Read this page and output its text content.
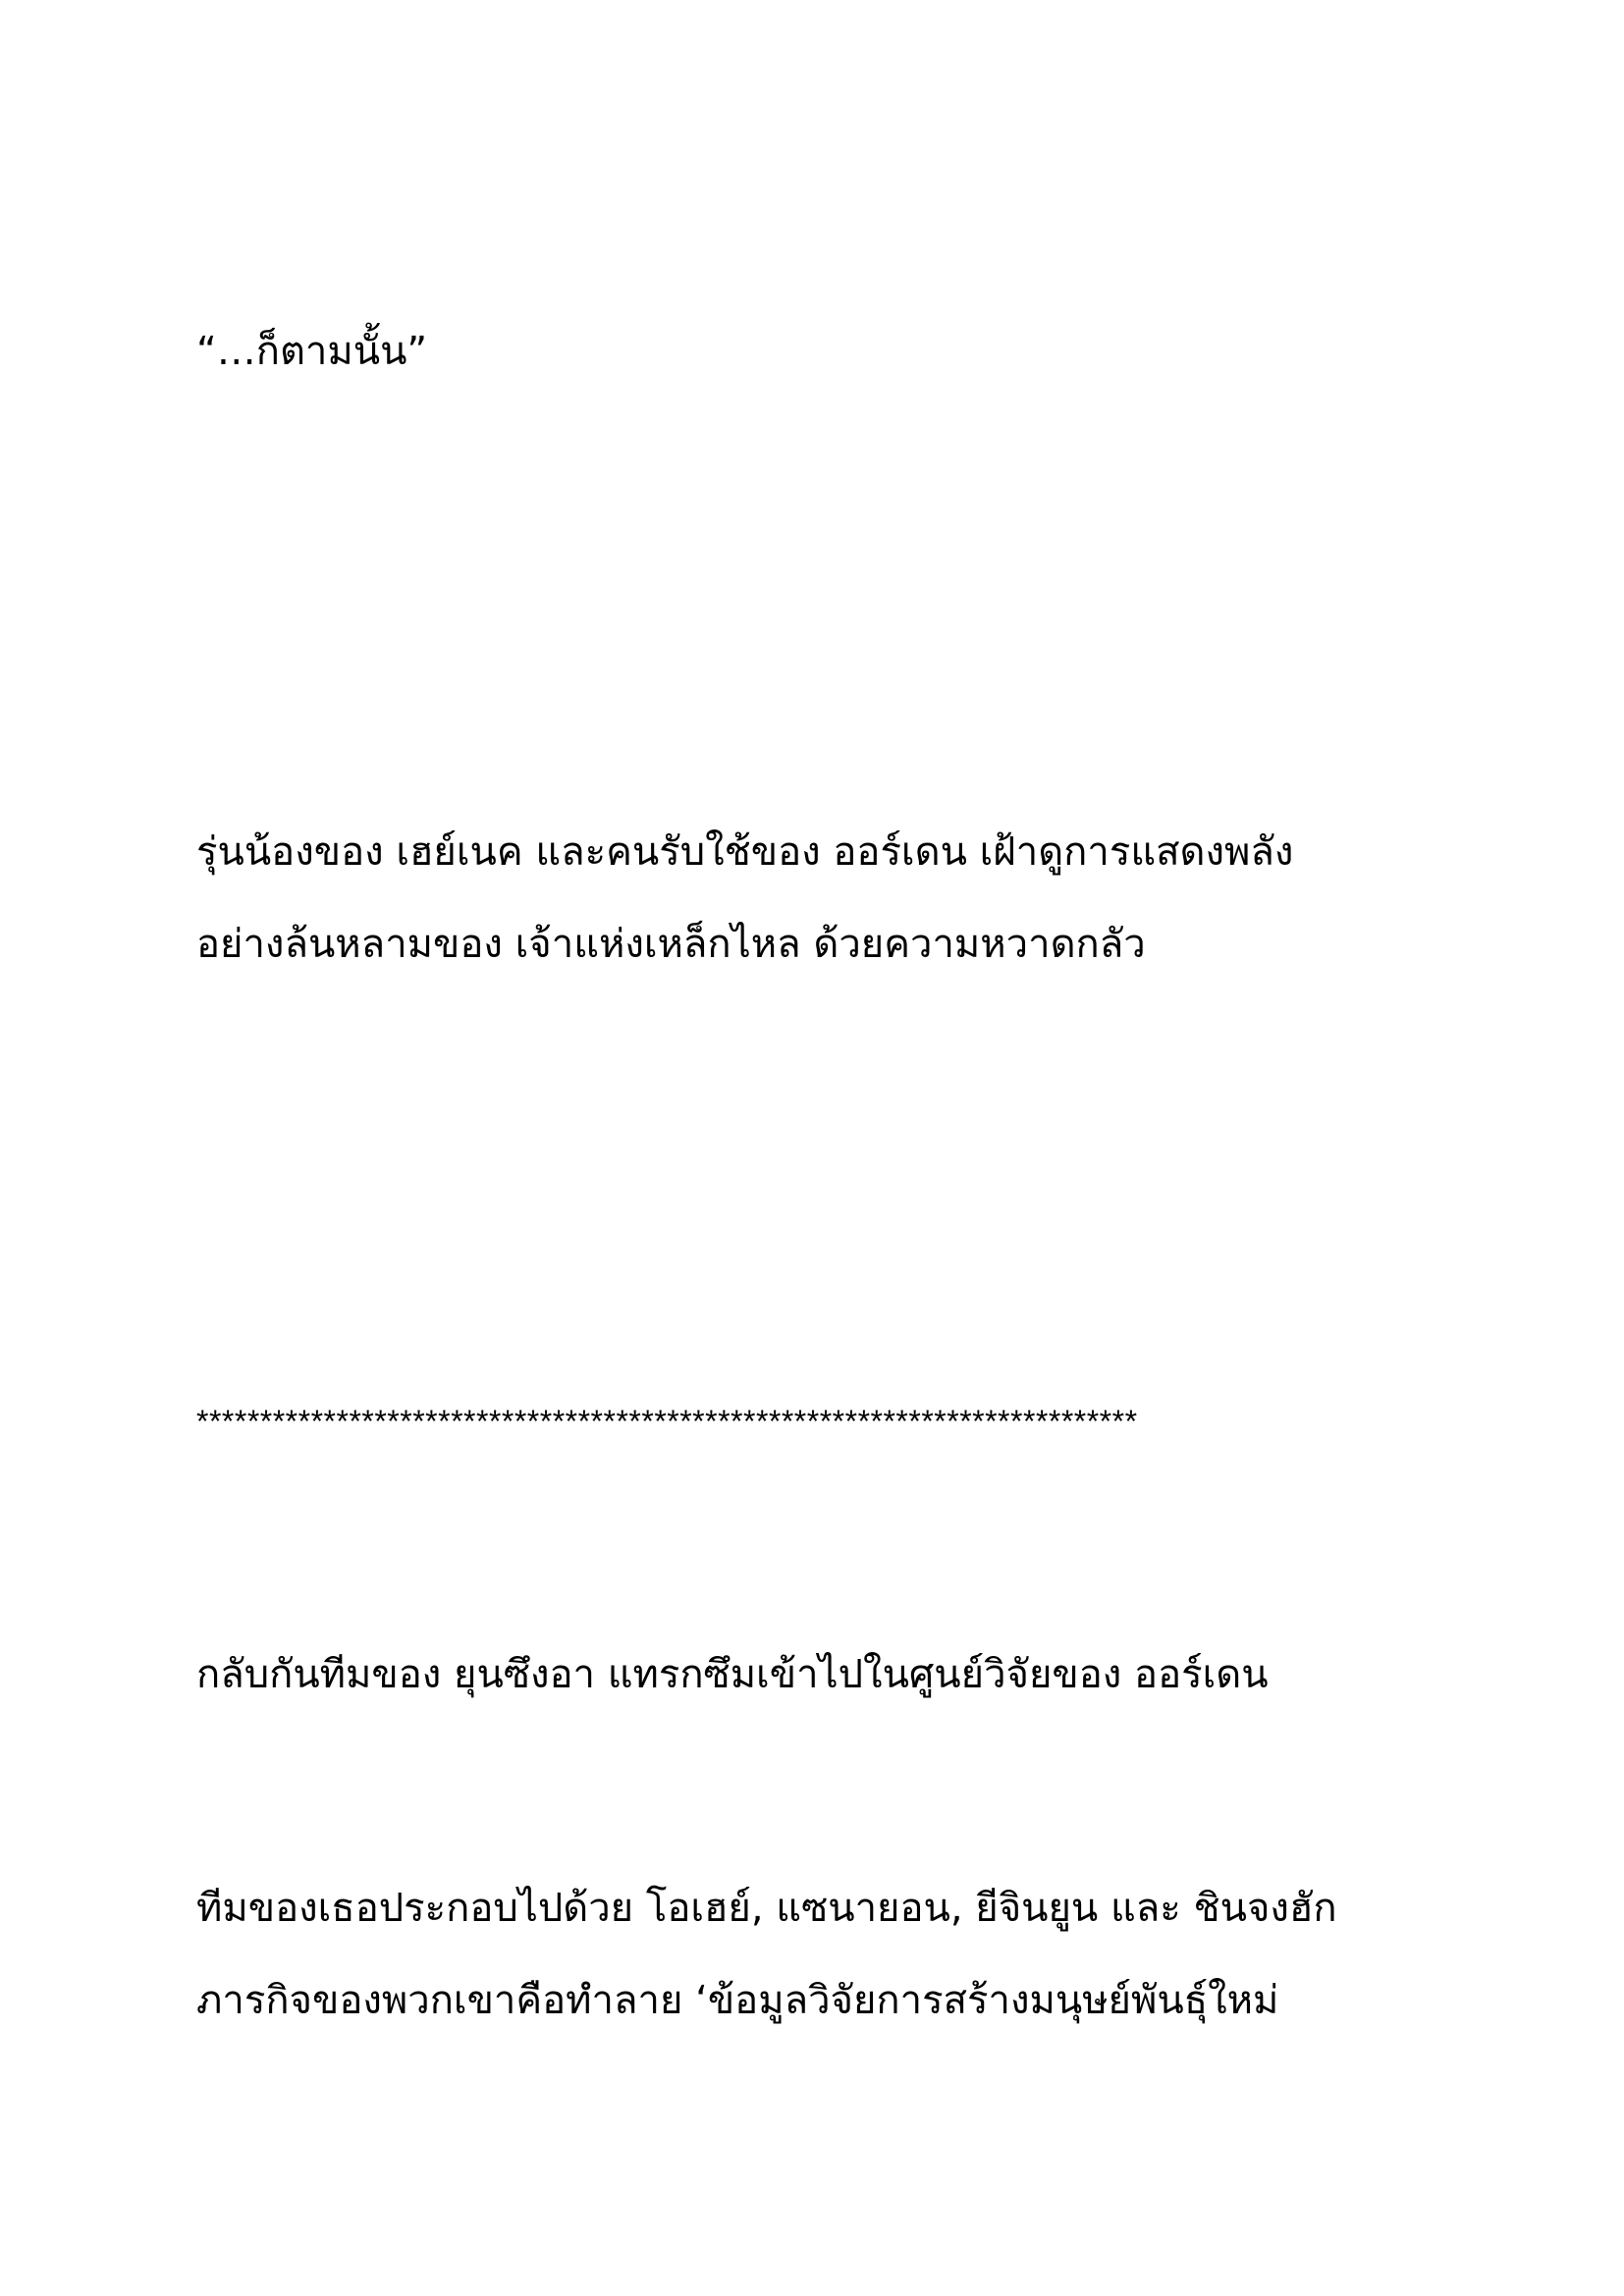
“…ก็ตามนั้น”

รุ่นน้องของ เฮย์เนค และคนรับใช้ของ ออร์เดน เฝ้าดูการแสดงพลัง

อย่างล้นหลามของ เจ้าแห่งเหล็กไหล ด้วยความหวาดกลัว

**************************************************************************

กลับกันทีมของ ยุนซึงอา แทรกซึมเข้าไปในศูนย์วิจัยของ ออร์เดน

ทีมของเธอประกอบไปด้วย โอเฮย์, แซนายอน, ยีจินยูน และ ชินจงฮัก

ภารกิจของพวกเขาคือทำลาย ‘ข้อมูลวิจัยการสร้างมนุษย์พันธุ์ใหม่
